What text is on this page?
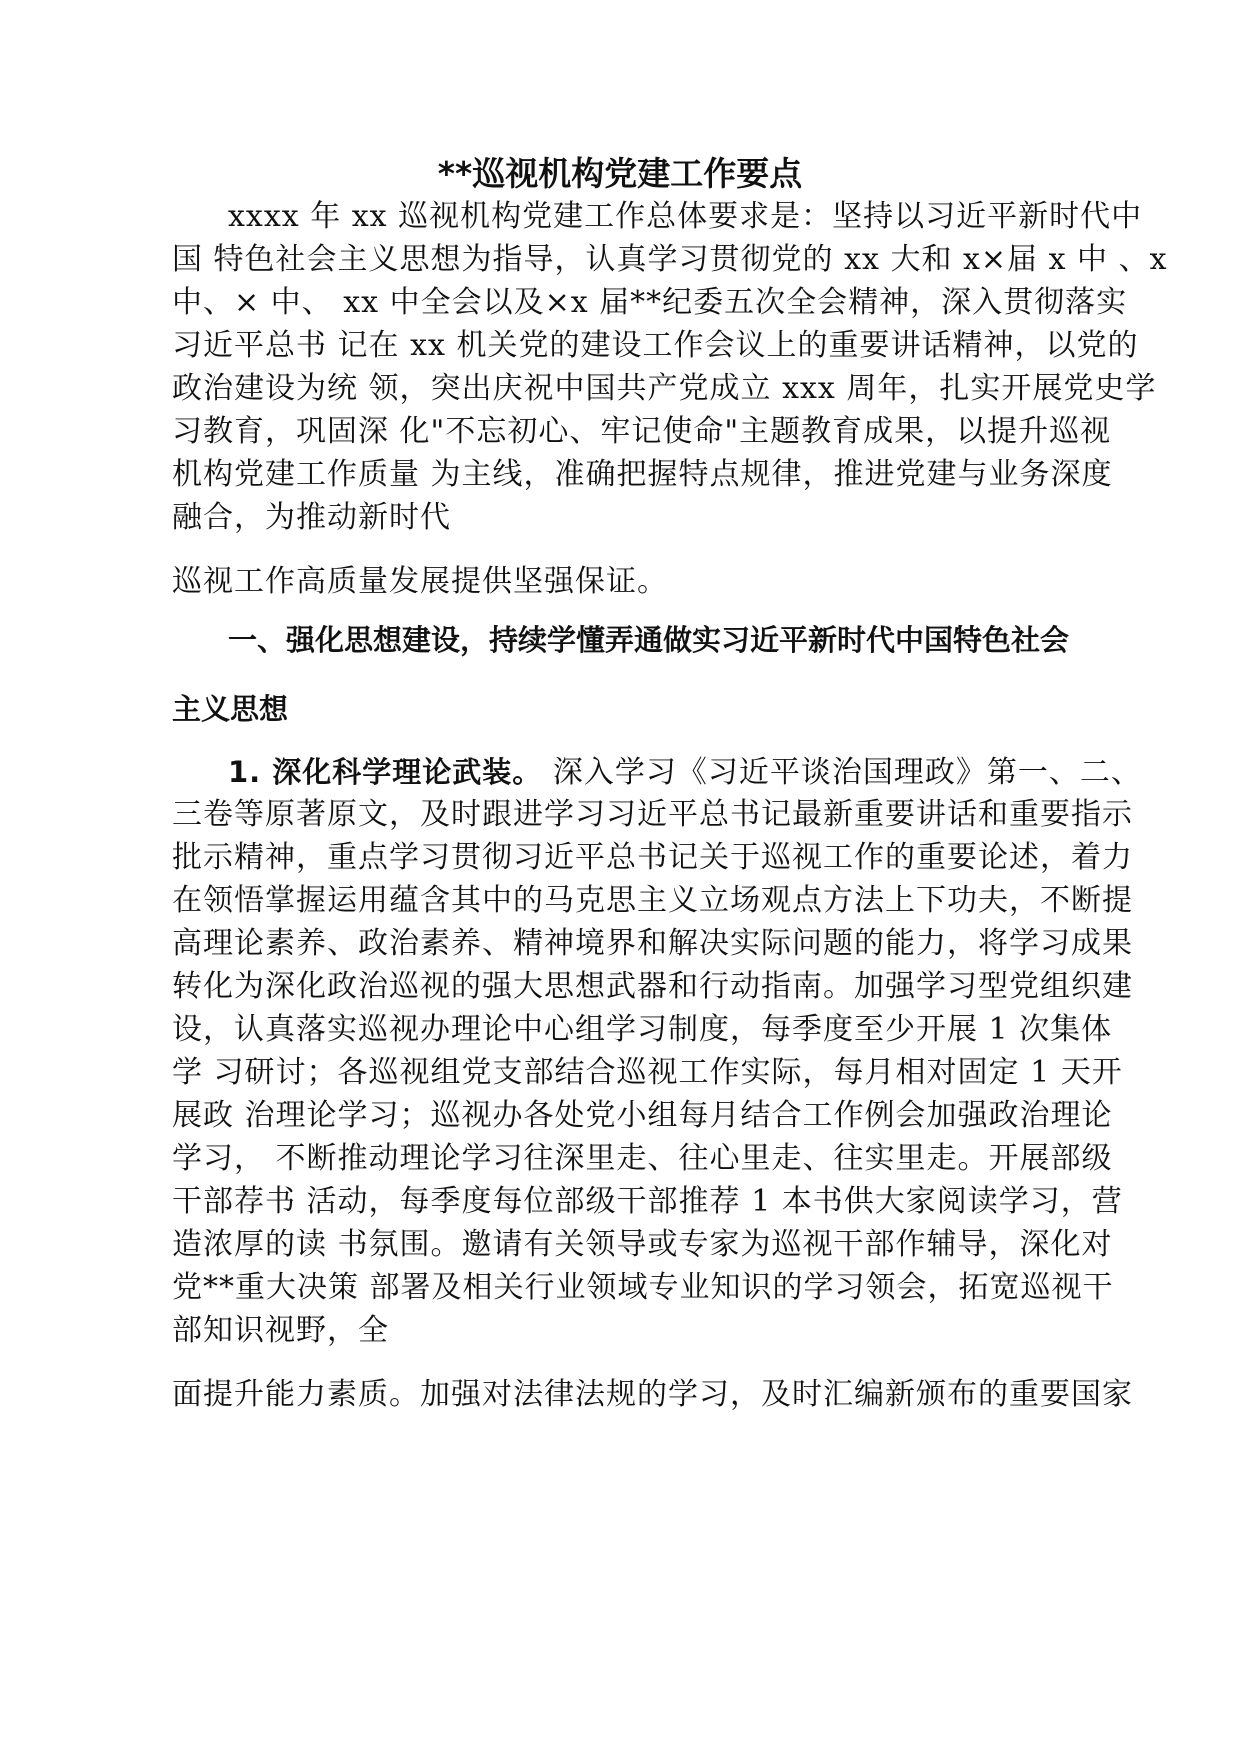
**巡视机构党建工作要点
xxxx 年 xx 巡视机构党建工作总体要求是：坚持以习近平新时代中
国 特色社会主义思想为指导，认真学习贯彻党的 xx 大和 x×届 x 中 、x
中、× 中、 xx 中全会以及×x 届**纪委五次全会精神，深入贯彻落实
习近平总书 记在 xx 机关党的建设工作会议上的重要讲话精神，以党的
政治建设为统 领，突出庆祝中国共产党成立 xxx 周年，扎实开展党史学
习教育，巩固深 化"不忘初心、牢记使命"主题教育成果，以提升巡视
机构党建工作质量 为主线，准确把握特点规律，推进党建与业务深度
融合，为推动新时代
巡视工作高质量发展提供坚强保证。
一、强化思想建设，持续学懂弄通做实习近平新时代中国特色社会
主义思想
1. 深化科学理论武装。 深入学习《习近平谈治国理政》第一、二、
三卷等原著原文，及时跟进学习习近平总书记最新重要讲话和重要指示
批示精神，重点学习贯彻习近平总书记关于巡视工作的重要论述，着力
在领悟掌握运用蕴含其中的马克思主义立场观点方法上下功夫，不断提
高理论素养、政治素养、精神境界和解决实际问题的能力，将学习成果
转化为深化政治巡视的强大思想武器和行动指南。加强学习型党组织建
设，认真落实巡视办理论中心组学习制度，每季度至少开展 1 次集体
学 习研讨；各巡视组党支部结合巡视工作实际，每月相对固定 1 天开
展政 治理论学习；巡视办各处党小组每月结合工作例会加强政治理论
学习， 不断推动理论学习往深里走、往心里走、往实里走。开展部级
干部荐书 活动，每季度每位部级干部推荐 1 本书供大家阅读学习，营
造浓厚的读 书氛围。邀请有关领导或专家为巡视干部作辅导，深化对
党**重大决策 部署及相关行业领域专业知识的学习领会，拓宽巡视干
部知识视野，全
面提升能力素质。加强对法律法规的学习，及时汇编新颁布的重要国家
